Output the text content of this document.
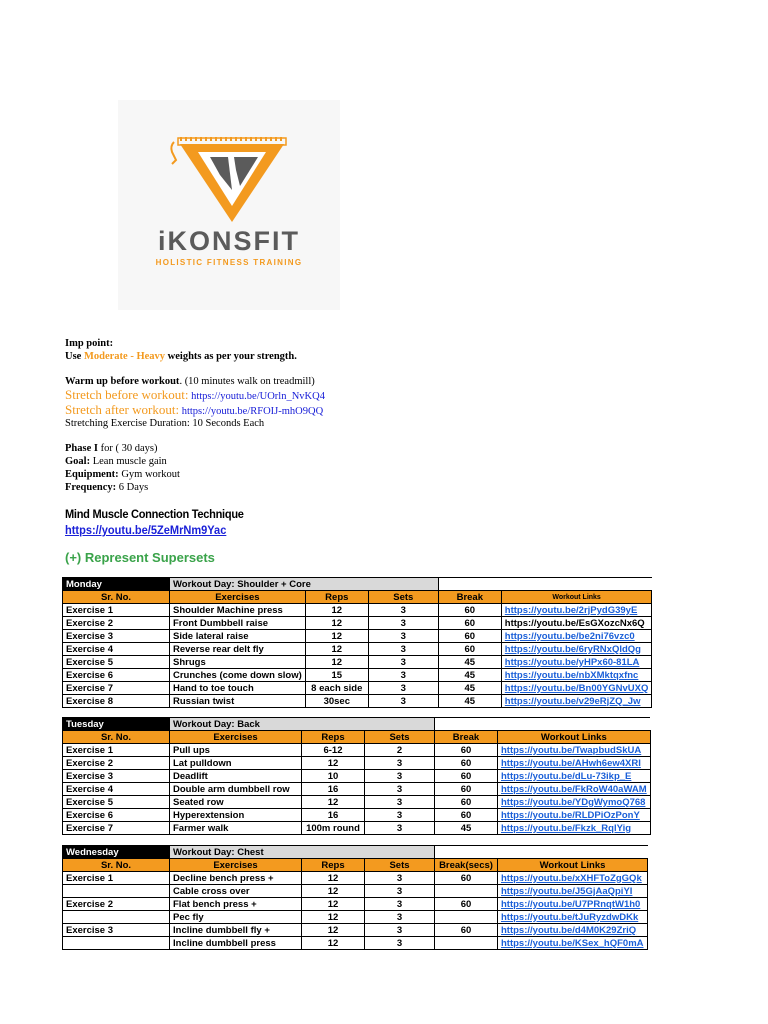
iKONSFIT
HOLISTIC FITNESS TRAINING
Imp point:
Use Moderate - Heavy weights as per your strength.
Warm up before workout. (10 minutes walk on treadmill)
Stretch before workout: https://youtu.be/UOrln_NvKQ4
Stretch after workout: https://youtu.be/RFOIJ-mhO9QQ
Stretching Exercise Duration: 10 Seconds Each
Phase I for ( 30 days)
Goal: Lean muscle gain
Equipment: Gym workout
Frequency: 6 Days
Mind Muscle Connection Technique
https://youtu.be/5ZeMrNm9Yac
(+) Represent Supersets
Monday	Workout Day: Shoulder + Core				
Sr. No.	Exercises	Reps	Sets	Break	Workout Links
Exercise 1	Shoulder Machine press	12	3	60	https://youtu.be/2rjPydG39yE
Exercise 2	Front Dumbbell raise	12	3	60	https://youtu.be/EsGXozcNx6Q
Exercise 3	Side lateral raise	12	3	60	https://youtu.be/be2ni76vzc0
Exercise 4	Reverse rear delt fly	12	3	60	https://youtu.be/6ryRNxQldQg
Exercise 5	Shrugs	12	3	45	https://youtu.be/yHPx60-81LA
Exercise 6	Crunches (come down slow)	15	3	45	https://youtu.be/nbXMktqxfnc
Exercise 7	Hand to toe touch	8 each side	3	45	https://youtu.be/Bn00YGNvUXQ
Exercise 8	Russian twist	30sec	3	45	https://youtu.be/v29eRjZQ_Jw
Tuesday	Workout Day: Back				
Sr. No.	Exercises	Reps	Sets	Break	Workout Links
Exercise 1	Pull ups	6-12	2	60	https://youtu.be/TwapbudSkUA
Exercise 2	Lat pulldown	12	3	60	https://youtu.be/AHwh6ew4XRI
Exercise 3	Deadlift	10	3	60	https://youtu.be/dLu-73ikp_E
Exercise 4	Double arm dumbbell row	16	3	60	https://youtu.be/FkRoW40aWAM
Exercise 5	Seated row	12	3	60	https://youtu.be/YDgWymoQ768
Exercise 6	Hyperextension	16	3	60	https://youtu.be/RLDPiOzPonY
Exercise 7	Farmer walk	100m round	3	45	https://youtu.be/Fkzk_RqlYig
Wednesday	Workout Day: Chest				
Sr. No.	Exercises	Reps	Sets	Break(secs)	Workout Links
Exercise 1	Decline bench press +	12	3	60	https://youtu.be/xXHFToZgGQk
	Cable cross over	12	3		https://youtu.be/J5GjAaQpiYI
Exercise 2	Flat bench press +	12	3	60	https://youtu.be/U7PRnqtW1h0
	Pec fly	12	3		https://youtu.be/tJuRyzdwDKk
Exercise 3	Incline dumbbell fly +	12	3	60	https://youtu.be/d4M0K29ZriQ
	Incline dumbbell press	12	3		https://youtu.be/KSex_hQF0mA
